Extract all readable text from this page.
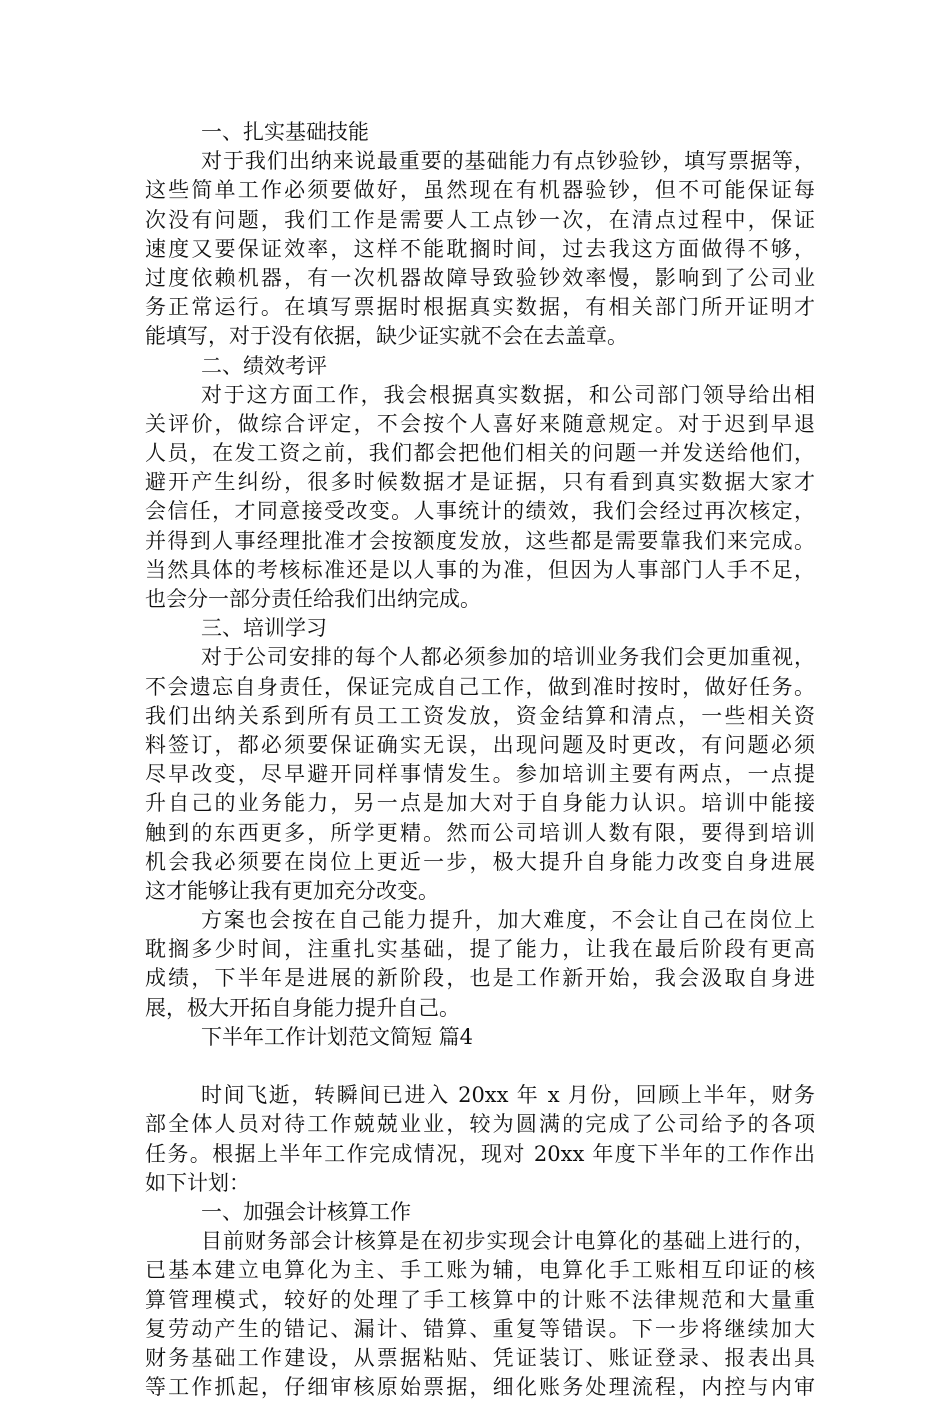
一、扎实基础技能
对于我们出纳来说最重要的基础能力有点钞验钞，填写票据等，
这些简单工作必须要做好，虽然现在有机器验钞，但不可能保证每
次没有问题，我们工作是需要人工点钞一次，在清点过程中，保证
速度又要保证效率，这样不能耽搁时间，过去我这方面做得不够，
过度依赖机器，有一次机器故障导致验钞效率慢，影响到了公司业
务正常运行。在填写票据时根据真实数据，有相关部门所开证明才
能填写，对于没有依据，缺少证实就不会在去盖章。
二、绩效考评
对于这方面工作，我会根据真实数据，和公司部门领导给出相
关评价，做综合评定，不会按个人喜好来随意规定。对于迟到早退
人员，在发工资之前，我们都会把他们相关的问题一并发送给他们，
避开产生纠纷，很多时候数据才是证据，只有看到真实数据大家才
会信任，才同意接受改变。人事统计的绩效，我们会经过再次核定，
并得到人事经理批准才会按额度发放，这些都是需要靠我们来完成。
当然具体的考核标准还是以人事的为准，但因为人事部门人手不足，
也会分一部分责任给我们出纳完成。
三、培训学习
对于公司安排的每个人都必须参加的培训业务我们会更加重视，
不会遗忘自身责任，保证完成自己工作，做到准时按时，做好任务。
我们出纳关系到所有员工工资发放，资金结算和清点，一些相关资
料签订，都必须要保证确实无误，出现问题及时更改，有问题必须
尽早改变，尽早避开同样事情发生。参加培训主要有两点，一点提
升自己的业务能力，另一点是加大对于自身能力认识。培训中能接
触到的东西更多，所学更精。然而公司培训人数有限，要得到培训
机会我必须要在岗位上更近一步，极大提升自身能力改变自身进展
这才能够让我有更加充分改变。
方案也会按在自己能力提升，加大难度，不会让自己在岗位上
耽搁多少时间，注重扎实基础，提了能力，让我在最后阶段有更高
成绩，下半年是进展的新阶段，也是工作新开始，我会汲取自身进
展，极大开拓自身能力提升自己。
下半年工作计划范文简短 篇4
时间飞逝，转瞬间已进入 20xx 年 x 月份，回顾上半年，财务
部全体人员对待工作兢兢业业，较为圆满的完成了公司给予的各项
任务。根据上半年工作完成情况，现对 20xx 年度下半年的工作作出
如下计划：
一、加强会计核算工作
目前财务部会计核算是在初步实现会计电算化的基础上进行的，
已基本建立电算化为主、手工账为辅，电算化手工账相互印证的核
算管理模式，较好的处理了手工核算中的计账不法律规范和大量重
复劳动产生的错记、漏计、错算、重复等错误。下一步将继续加大
财务基础工作建设，从票据粘贴、凭证装订、账证登录、报表出具
等工作抓起，仔细审核原始票据，细化账务处理流程，内控与内审
